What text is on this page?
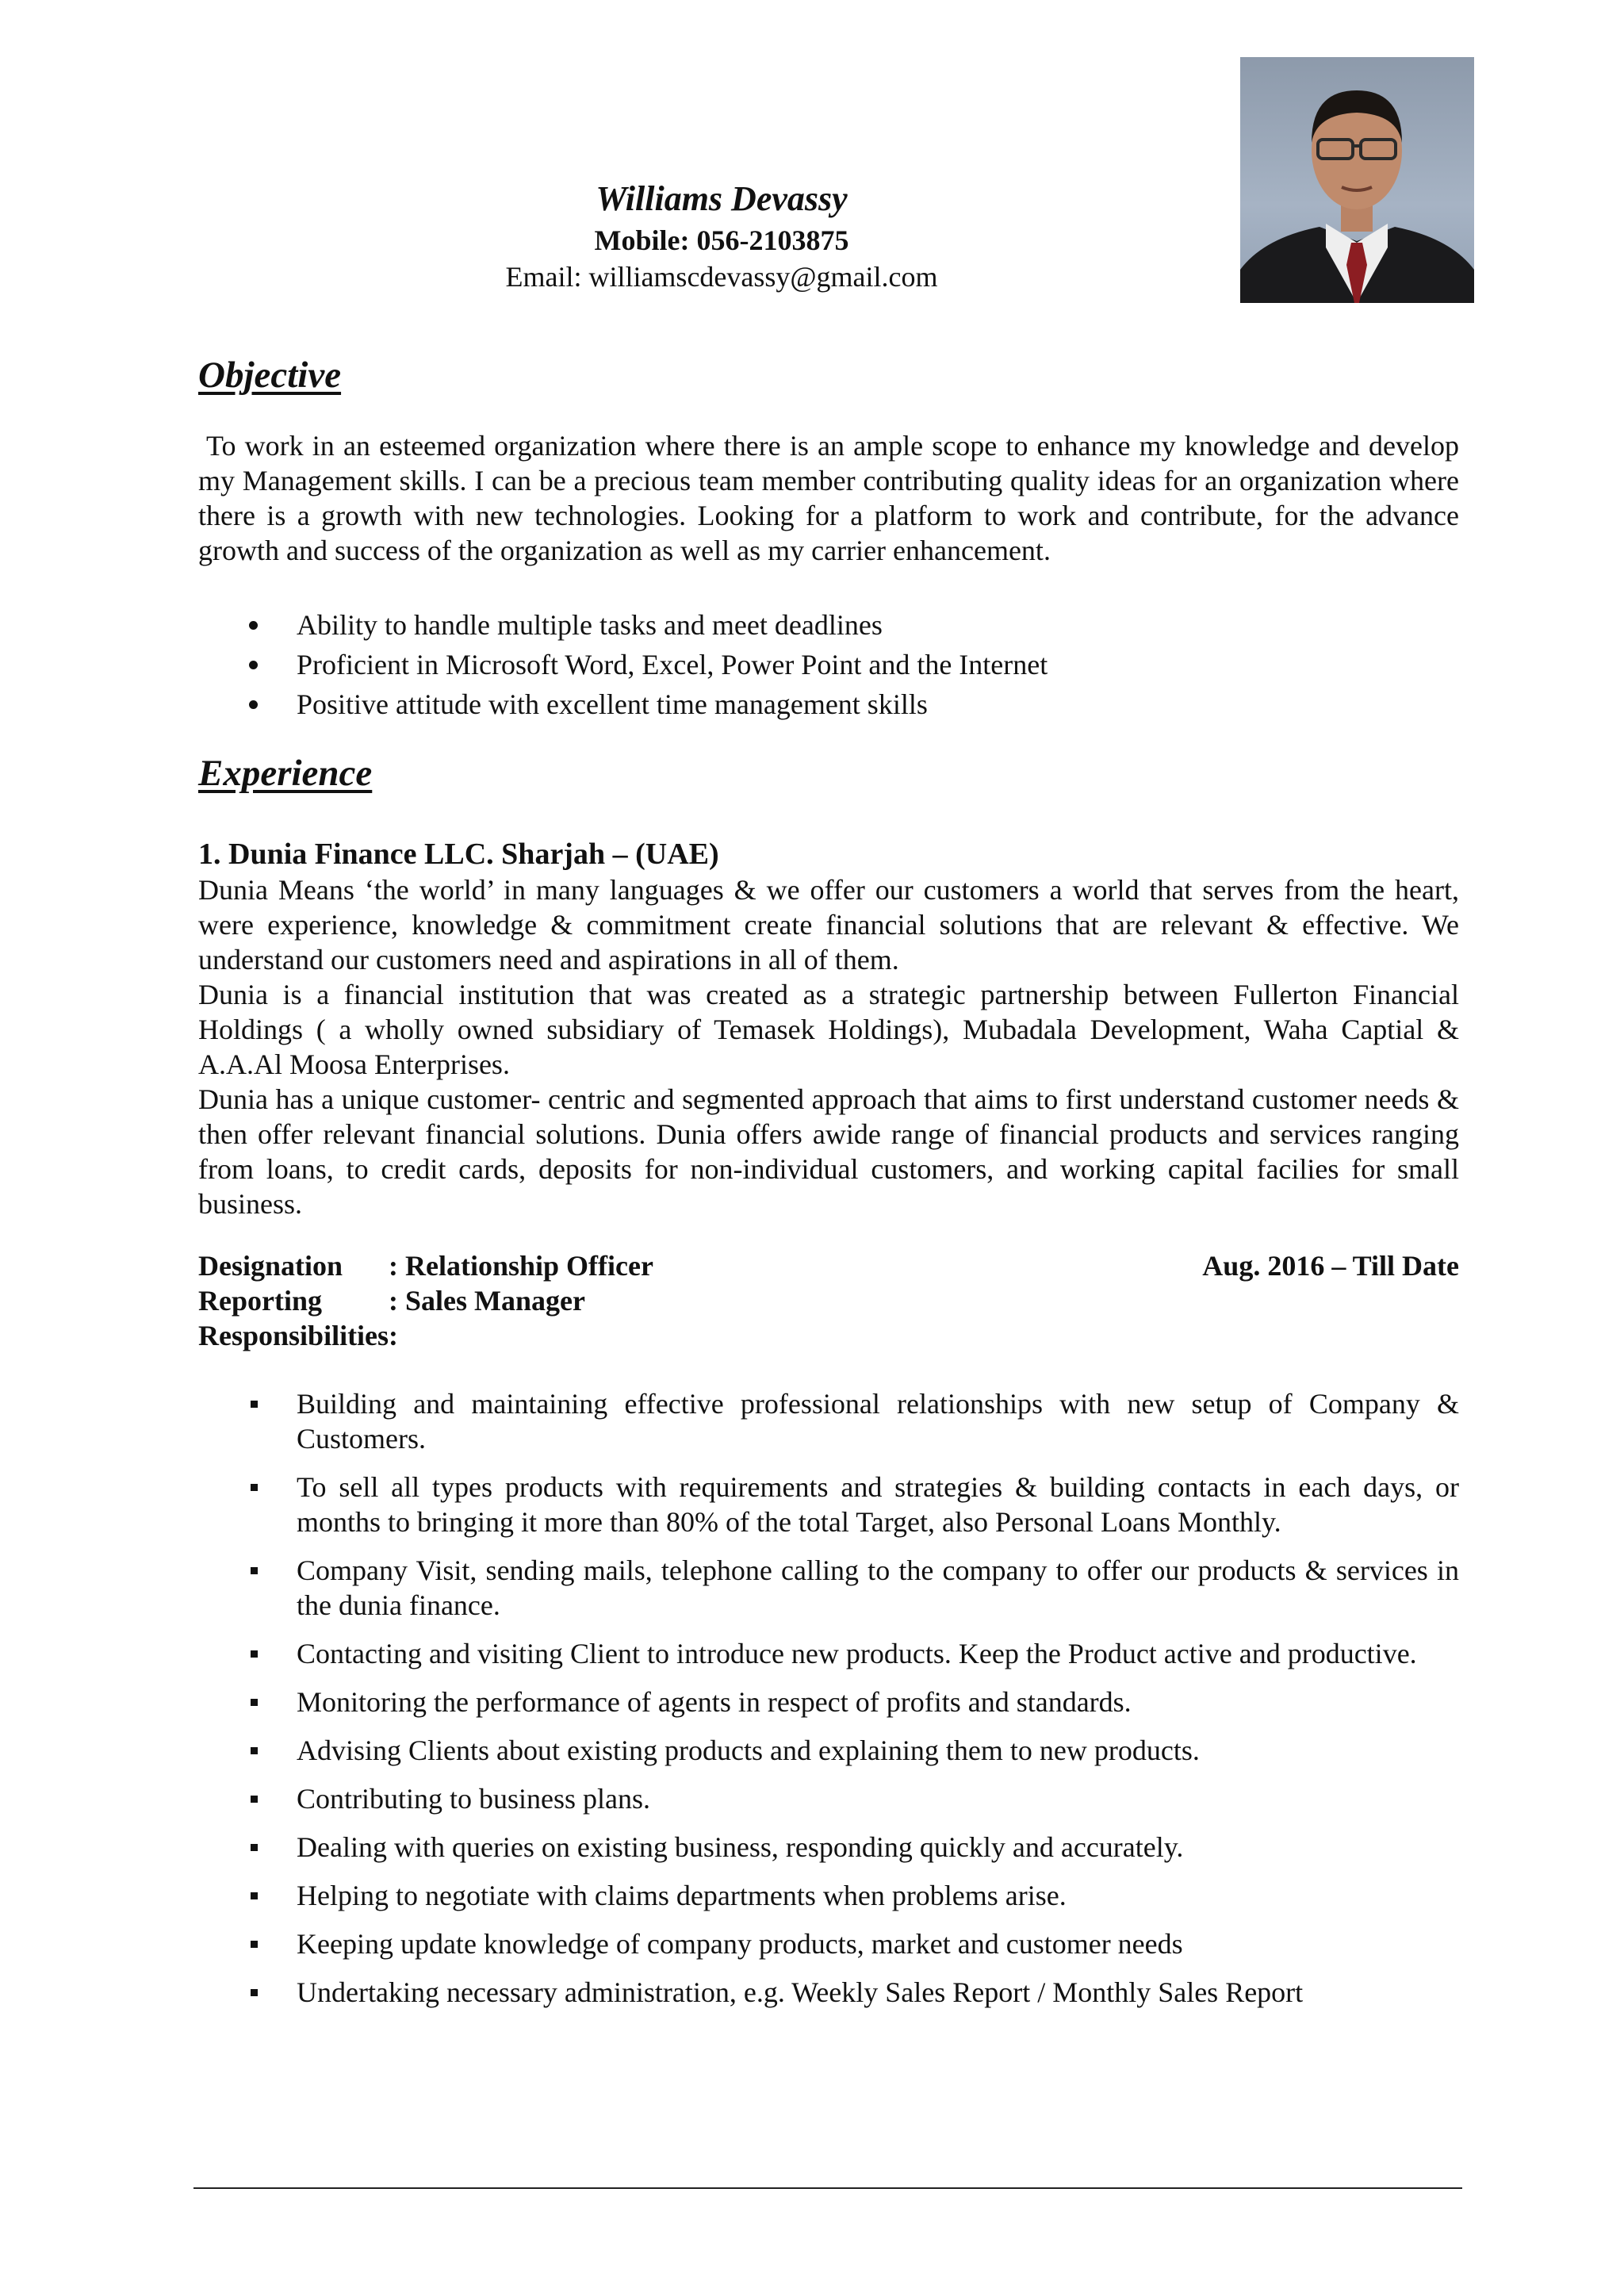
Williams Devassy
Mobile: 056-2103875
Email: williamscdevassy@gmail.com
Objective
To work in an esteemed organization where there is an ample scope to enhance my knowledge and develop my Management skills. I can be a precious team member contributing quality ideas for an organization where there is a growth with new technologies. Looking for a platform to work and contribute, for the advance growth and success of the organization as well as my carrier enhancement.
Ability to handle multiple tasks and meet deadlines
Proficient in Microsoft Word, Excel, Power Point and the Internet
Positive attitude with excellent time management skills
Experience
1. Dunia Finance LLC. Sharjah – (UAE)

Dunia Means ‘the world’ in many languages & we offer our customers a world that serves from the heart, were experience, knowledge & commitment create financial solutions that are relevant & effective. We understand our customers need and aspirations in all of them.

Dunia is a financial institution that was created as a strategic partnership between Fullerton Financial Holdings ( a wholly owned subsidiary of Temasek Holdings), Mubadala Development, Waha Captial & A.A.Al Moosa Enterprises.

Dunia has a unique customer- centric and segmented approach that aims to first understand customer needs & then offer relevant financial solutions. Dunia offers awide range of financial products and services ranging from loans, to credit cards, deposits for non-individual customers, and working capital facilies for small business.

Designation : Relationship Officer	Aug. 2016 – Till Date
Reporting : Sales Manager
Responsibilities:
Building and maintaining effective professional relationships with new setup of Company & Customers.
To sell all types products with requirements and strategies & building contacts in each days, or months to bringing it more than 80% of the total Target, also Personal Loans Monthly.
Company Visit, sending mails, telephone calling to the company to offer our products & services in the dunia finance.
Contacting and visiting Client to introduce new products. Keep the Product active and productive.
Monitoring the performance of agents in respect of profits and standards.
Advising Clients about existing products and explaining them to new products.
Contributing to business plans.
Dealing with queries on existing business, responding quickly and accurately.
Helping to negotiate with claims departments when problems arise.
Keeping update knowledge of company products, market and customer needs
Undertaking necessary administration, e.g. Weekly Sales Report / Monthly Sales Report
